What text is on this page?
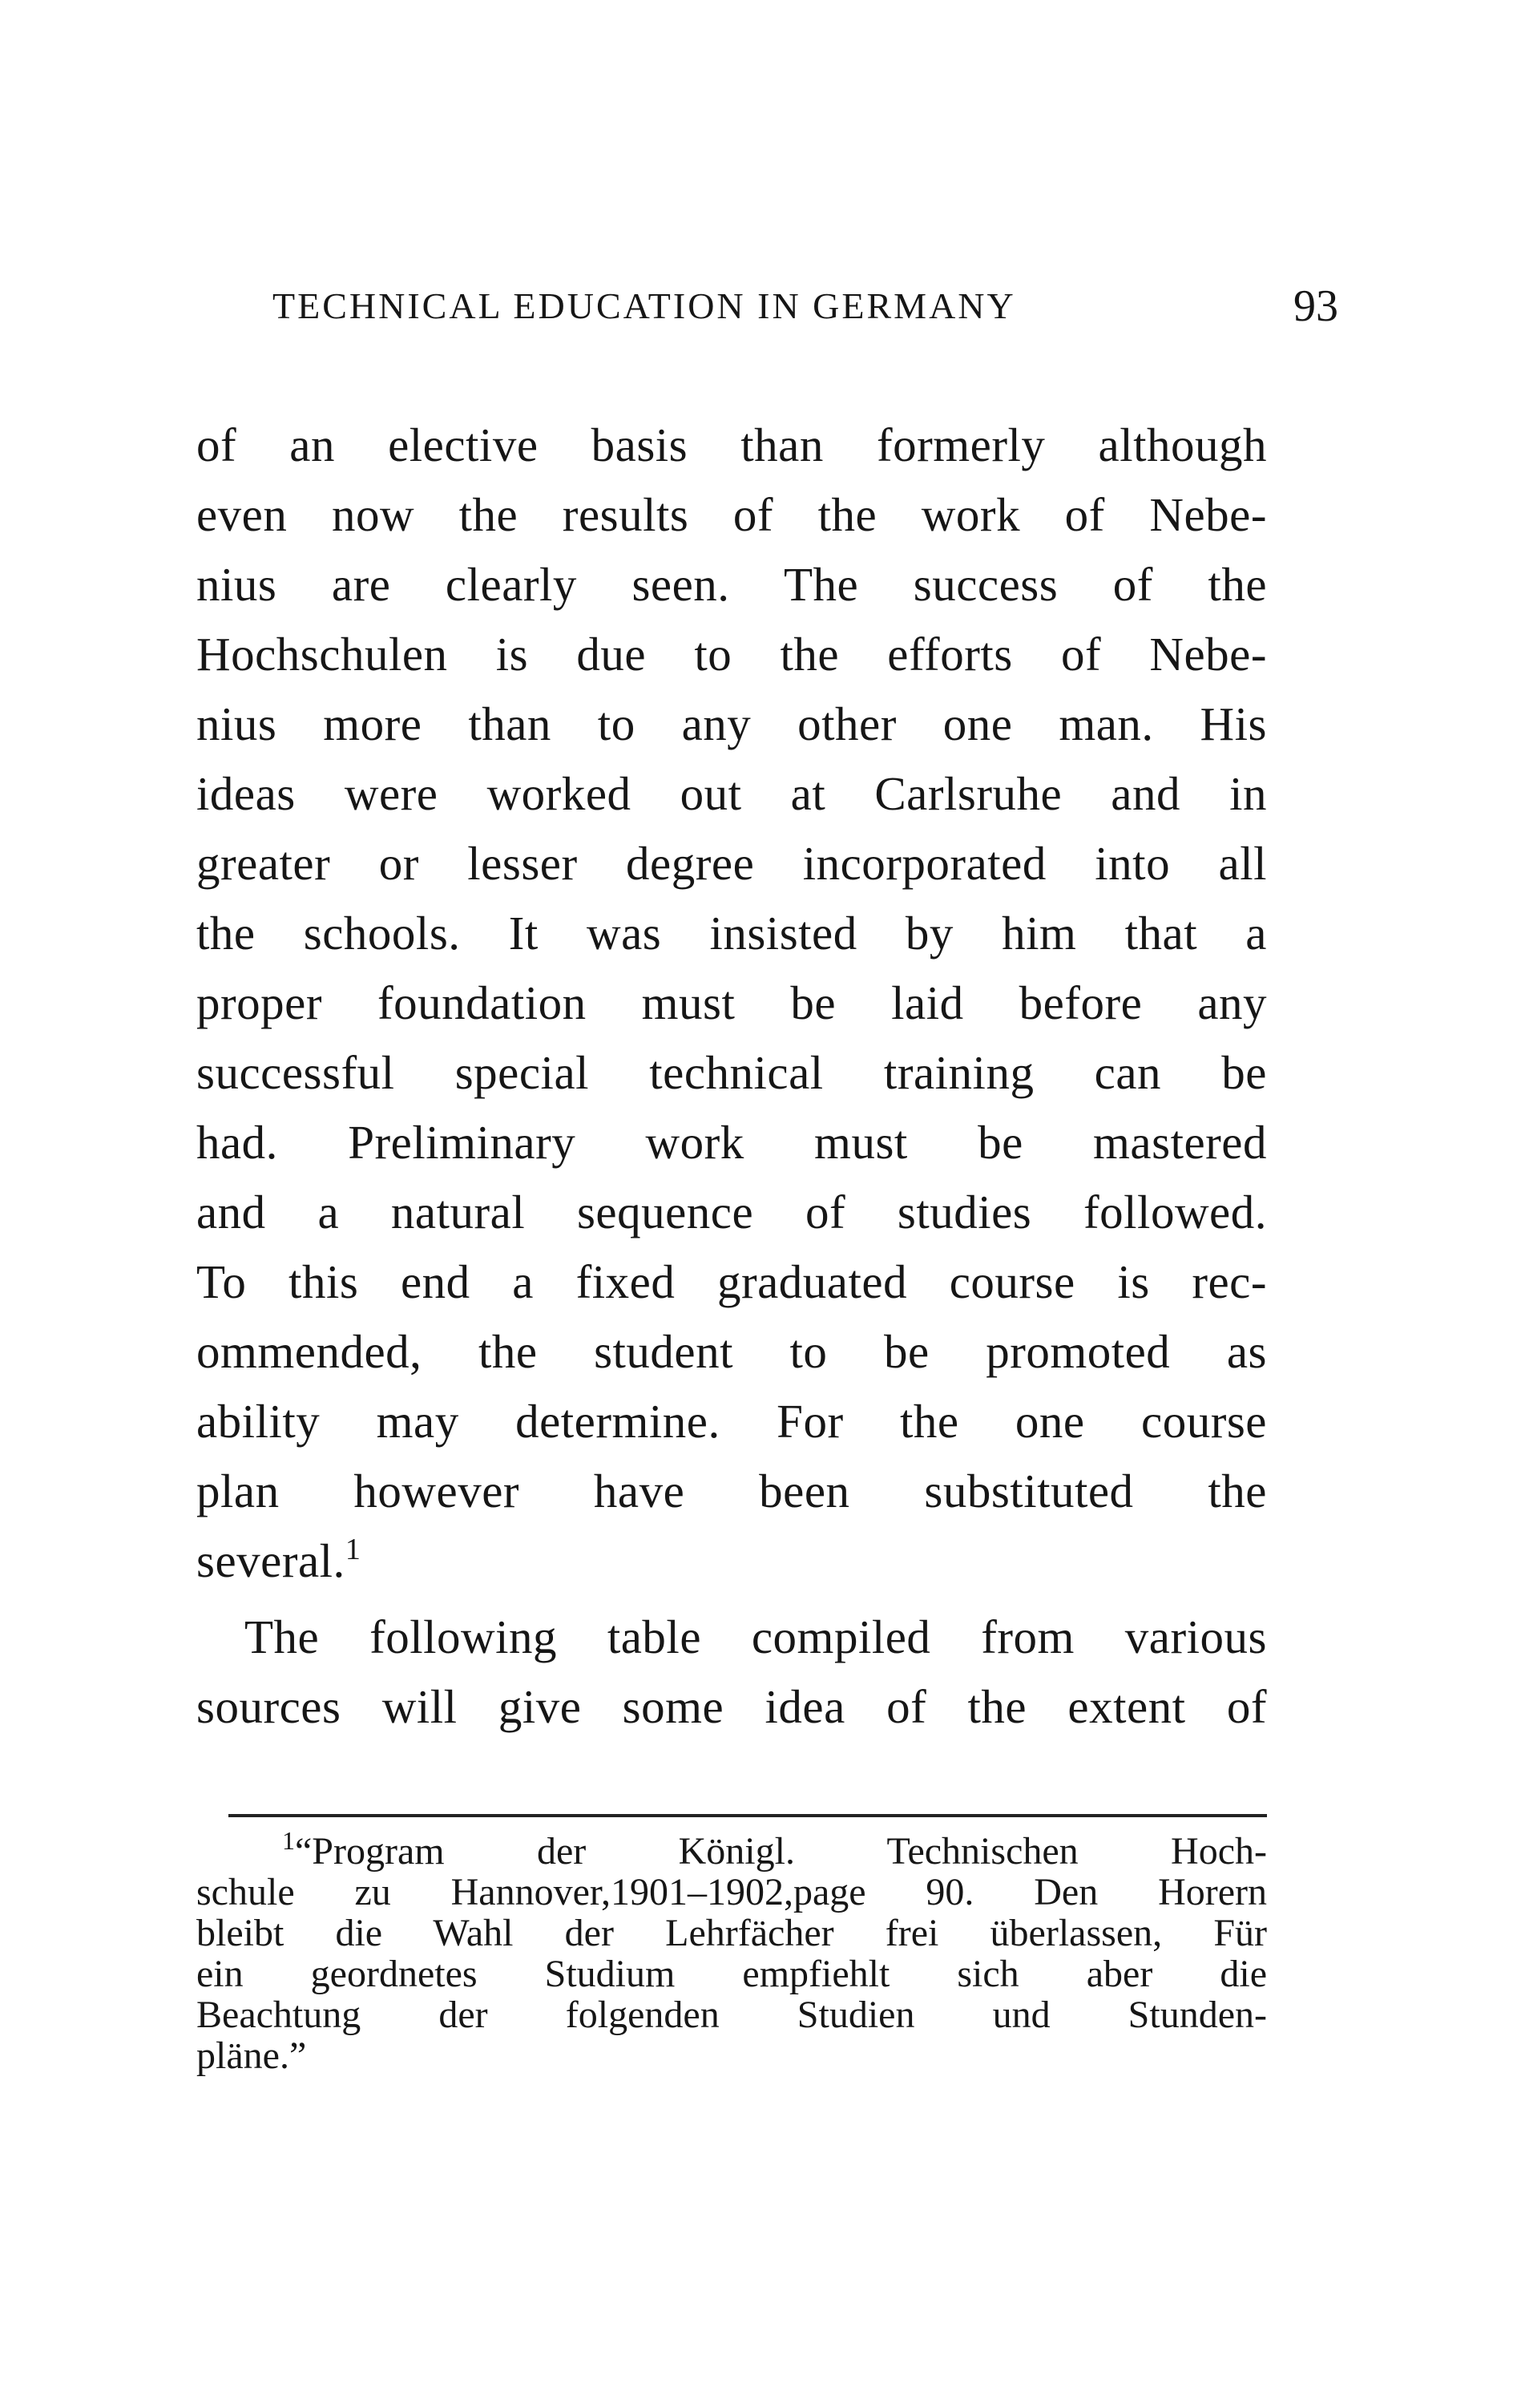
TECHNICAL EDUCATION IN GERMANY	93
of an elective basis than formerly although
even now the results of the work of Nebe-
nius are clearly seen. The success of the
Hochschulen is due to the efforts of Nebe-
nius more than to any other one man. His
ideas were worked out at Carlsruhe and in
greater or lesser degree incorporated into all
the schools. It was insisted by him that a
proper foundation must be laid before any
successful special technical training can be
had. Preliminary work must be mastered
and a natural sequence of studies followed.
To this end a fixed graduated course is rec-
ommended, the student to be promoted as
ability may determine. For the one course
plan however have been substituted the
several.$^1$
The following table compiled from various
sources will give some idea of the extent of
$^1$“Program der Königl. Technischen Hoch-
schule zu Hannover,1901–1902,page 90. Den Horern
bleibt die Wahl der Lehrfächer frei überlassen, Für
ein geordnetes Studium empfiehlt sich aber die
Beachtung der folgenden Studien und Stunden-
pläne.”
